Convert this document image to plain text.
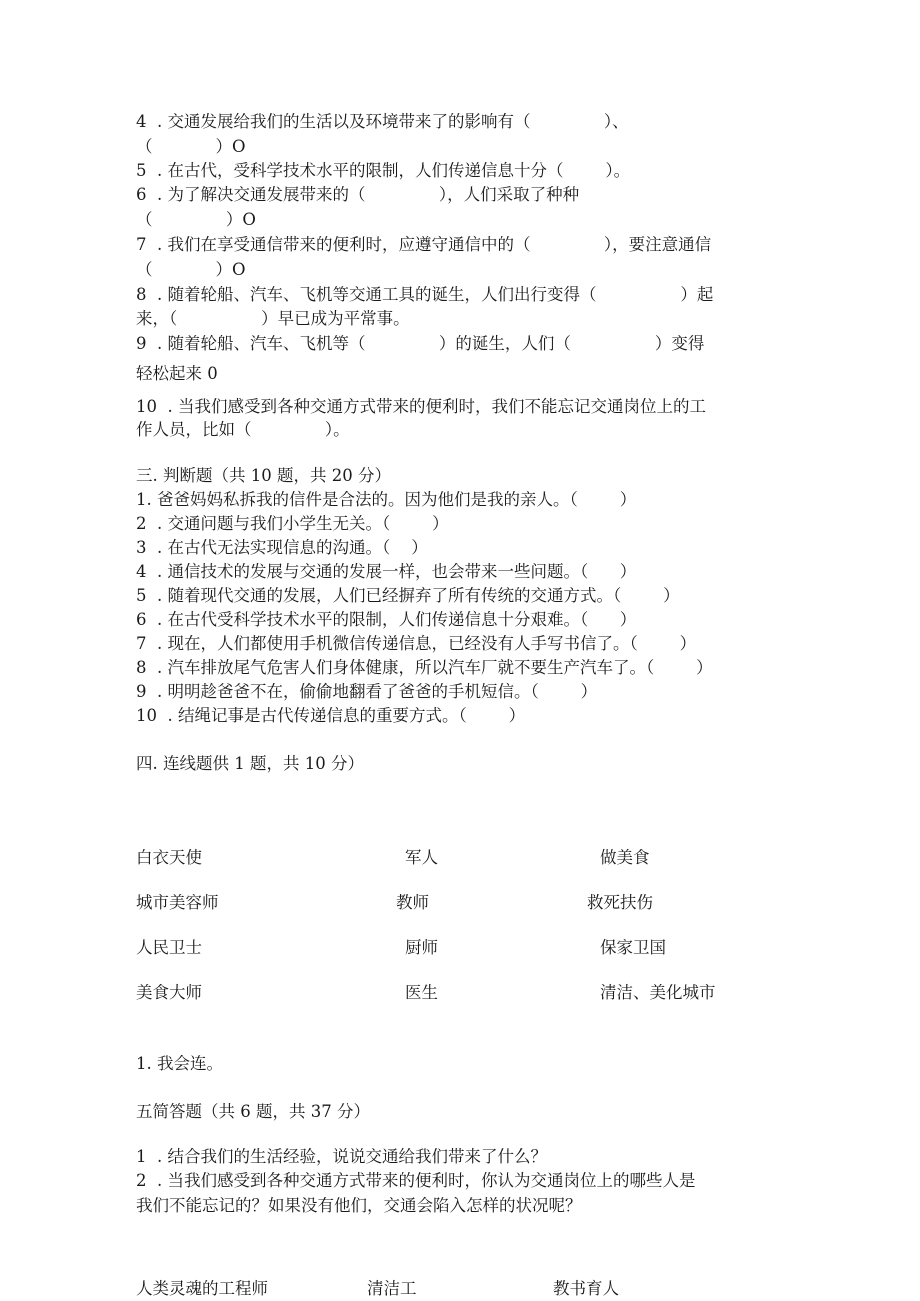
4  . 交通发展给我们的生活以及环境带来了的影响有（              ）、
（            ）O
5  . 在古代，受科学技术水平的限制，人们传递信息十分（        ）。
6  . 为了解决交通发展带来的（              ），人们采取了种种
（              ）O
7  . 我们在享受通信带来的便利时，应遵守通信中的（              ），要注意通信
（            ）O
8  . 随着轮船、汽车、飞机等交通工具的诞生，人们出行变得（                ）起
来，（                ）早已成为平常事。
9  . 随着轮船、汽车、飞机等（              ）的诞生，人们（                ）变得
轻松起来 0
10  . 当我们感受到各种交通方式带来的便利时，我们不能忘记交通岗位上的工
作人员，比如（              ）。
三. 判断题（共 10 题，共 20 分）
1. 爸爸妈妈私拆我的信件是合法的。因为他们是我的亲人。（        ）
2  . 交通问题与我们小学生无关。（        ）
3  . 在古代无法实现信息的沟通。（    ）
4  . 通信技术的发展与交通的发展一样，也会带来一些问题。（      ）
5  . 随着现代交通的发展，人们已经摒弃了所有传统的交通方式。（        ）
6  . 在古代受科学技术水平的限制，人们传递信息十分艰难。（      ）
7  . 现在，人们都使用手机微信传递信息，已经没有人手写书信了。（        ）
8  . 汽车排放尾气危害人们身体健康，所以汽车厂就不要生产汽车了。（        ）
9  . 明明趁爸爸不在，偷偷地翻看了爸爸的手机短信。（        ）
10  . 结绳记事是古代传递信息的重要方式。（        ）
四. 连线题供 1 题，共 10 分）
白衣天使	军人	做美食
城市美容师	教师	救死扶伤
人民卫士	厨师	保家卫国
美食大师	医生	清洁、美化城市
1. 我会连。
五简答题（共 6 题，共 37 分）
1  . 结合我们的生活经验，说说交通给我们带来了什么？
2  . 当我们感受到各种交通方式带来的便利时，你认为交通岗位上的哪些人是
我们不能忘记的？如果没有他们，交通会陷入怎样的状况呢？
人类灵魂的工程师	清洁工	教书育人
